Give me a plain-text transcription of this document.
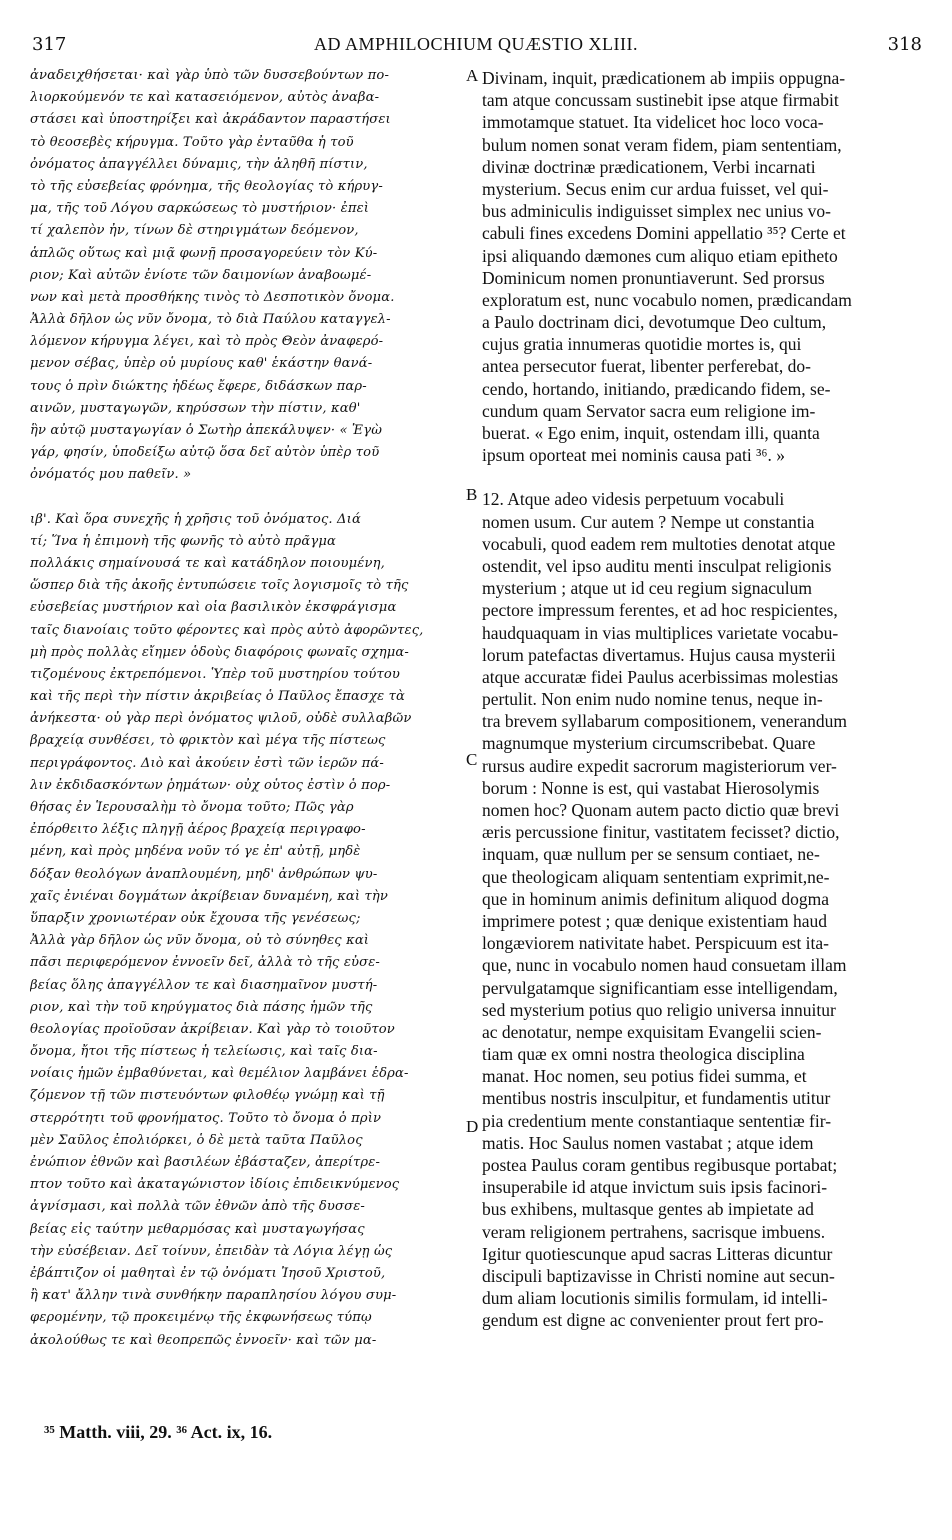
317	AD AMPHILOCHIUM QUÆSTIO XLIII.	318
ἀναδειχθήσεται· καὶ γὰρ ὑπὸ τῶν δυσσεβούντων πο-
λιορκούμενόν τε καὶ κατασειόμενον, αὐτὸς ἀναβα-
στάσει καὶ ὑποστηρίξει καὶ ἀκράδαντον παραστήσει
τὸ θεοσεβὲς κήρυγμα. Τοῦτο γὰρ ἐνταῦθα ἡ τοῦ
ὀνόματος ἀπαγγέλλει δύναμις, τὴν ἀληθῆ πίστιν,
τὸ τῆς εὐσεβείας φρόνημα, τῆς θεολογίας τὸ κήρυγ-
μα, τῆς τοῦ Λόγου σαρκώσεως τὸ μυστήριον· ἐπεὶ
τί χαλεπὸν ἦν, τίνων δὲ στηριγμάτων δεόμενον,
ἁπλῶς οὕτως καὶ μιᾷ φωνῇ προσαγορεύειν τὸν Κύ-
ριον; Καὶ αὐτῶν ἐνίοτε τῶν δαιμονίων ἀναβοωμέ-
νων καὶ μετὰ προσθήκης τινὸς τὸ Δεσποτικὸν ὄνομα.
Ἀλλὰ δῆλον ὡς νῦν ὄνομα, τὸ διὰ Παύλου καταγγελ-
λόμενον κήρυγμα λέγει, καὶ τὸ πρὸς Θεὸν ἀναφερό-
μενον σέβας, ὑπὲρ οὗ μυρίους καθ' ἑκάστην θανά-
τους ὁ πρὶν διώκτης ἡδέως ἔφερε, διδάσκων παρ-
αινῶν, μυσταγωγῶν, κηρύσσων τὴν πίστιν, καθ'
ἣν αὐτῷ μυσταγωγίαν ὁ Σωτὴρ ἀπεκάλυψεν· « Ἐγὼ
γάρ, φησίν, ὑποδείξω αὐτῷ ὅσα δεῖ αὐτὸν ὑπὲρ τοῦ
ὀνόματός μου παθεῖν. »
ιβ'. Καὶ ὅρα συνεχῆς ἡ χρῆσις τοῦ ὀνόματος. Διά
τί; Ἵνα ἡ ἐπιμονὴ τῆς φωνῆς τὸ αὐτὸ πρᾶγμα
πολλάκις σημαίνουσά τε καὶ κατάδηλον ποιουμένη,
ὥσπερ διὰ τῆς ἀκοῆς ἐντυπώσειε τοῖς λογισμοῖς τὸ τῆς
εὐσεβείας μυστήριον καὶ οἷα βασιλικὸν ἐκσφράγισμα
ταῖς διανοίαις τοῦτο φέροντες καὶ πρὸς αὐτὸ ἀφορῶντες,
μὴ πρὸς πολλὰς εἴημεν ὁδοὺς διαφόροις φωναῖς σχημα-
τιζομένους ἐκτρεπόμενοι. Ὑπὲρ τοῦ μυστηρίου τούτου
καὶ τῆς περὶ τὴν πίστιν ἀκριβείας ὁ Παῦλος ἔπασχε τὰ
ἀνήκεστα· οὐ γὰρ περὶ ὀνόματος ψιλοῦ, οὐδὲ συλλαβῶν
βραχείᾳ συνθέσει, τὸ φρικτὸν καὶ μέγα τῆς πίστεως
περιγράφοντος. Διὸ καὶ ἀκούειν ἐστὶ τῶν ἱερῶν πά-
λιν ἐκδιδασκόντων ῥημάτων· οὐχ οὗτος ἐστὶν ὁ πορ-
θήσας ἐν Ἱερουσαλὴμ τὸ ὄνομα τοῦτο; Πῶς γὰρ
ἐπόρθειτο λέξις πληγῇ ἀέρος βραχείᾳ περιγραφο-
μένη, καὶ πρὸς μηδένα νοῦν τό γε ἐπ' αὐτῇ, μηδὲ
δόξαν θεολόγων ἀναπλουμένη, μηδ' ἀνθρώπων ψυ-
χαῖς ἐνιέναι δογμάτων ἀκρίβειαν δυναμένη, καὶ τὴν
ὕπαρξιν χρονιωτέραν οὐκ ἔχουσα τῆς γενέσεως;
Ἀλλὰ γὰρ δῆλον ὡς νῦν ὄνομα, οὐ τὸ σύνηθες καὶ
πᾶσι περιφερόμενον ἐννοεῖν δεῖ, ἀλλὰ τὸ τῆς εὐσε-
βείας ὅλης ἀπαγγέλλον τε καὶ διασημαῖνον μυστή-
ριον, καὶ τὴν τοῦ κηρύγματος διὰ πάσης ἡμῶν τῆς
θεολογίας προϊοῦσαν ἀκρίβειαν. Καὶ γὰρ τὸ τοιοῦτον
ὄνομα, ἤτοι τῆς πίστεως ἡ τελείωσις, καὶ ταῖς δια-
νοίαις ἡμῶν ἐμβαθύνεται, καὶ θεμέλιον λαμβάνει ἑδρα-
ζόμενον τῇ τῶν πιστευόντων φιλοθέῳ γνώμῃ καὶ τῇ
στερρότητι τοῦ φρονήματος. Τοῦτο τὸ ὄνομα ὁ πρὶν
μὲν Σαῦλος ἐπολιόρκει, ὁ δὲ μετὰ ταῦτα Παῦλος
ἐνώπιον ἐθνῶν καὶ βασιλέων ἐβάσταζεν, ἀπερίτρε-
πτον τοῦτο καὶ ἀκαταγώνιστον ἰδίοις ἐπιδεικνύμενος
ἀγνίσμασι, καὶ πολλὰ τῶν ἐθνῶν ἀπὸ τῆς δυσσε-
βείας εἰς ταύτην μεθαρμόσας καὶ μυσταγωγήσας
τὴν εὐσέβειαν. Δεῖ τοίνυν, ἐπειδὰν τὰ Λόγια λέγῃ ὡς
ἐβάπτιζον οἱ μαθηταὶ ἐν τῷ ὀνόματι Ἰησοῦ Χριστοῦ,
ἢ κατ' ἄλλην τινὰ συνθήκην παραπλησίου λόγου συμ-
φερομένην, τῷ προκειμένῳ τῆς ἐκφωνήσεως τύπῳ
ἀκολούθως τε καὶ θεοπρεπῶς ἐννοεῖν· καὶ τῶν μα-
Divinam, inquit, prædicationem ab impiis oppugna-
tam atque concussam sustinebit ipse atque firmabit
immotamque statuet. Ita videlicet hoc loco voca-
bulum nomen sonat veram fidem, piam sententiam,
divinæ doctrinæ prædicationem, Verbi incarnati
mysterium. Secus enim cur ardua fuisset, vel qui-
bus adminiculis indiguisset simplex nec unius vo-
cabuli fines excedens Domini appellatio ³⁵? Certe et
ipsi aliquando dæmones cum aliquo etiam epitheto
Dominicum nomen pronuntiaverunt. Sed prorsus
exploratum est, nunc vocabulo nomen, prædicandam
a Paulo doctrinam dici, devotumque Deo cultum,
cujus gratia innumeras quotidie mortes is, qui
antea persecutor fuerat, libenter perferebat, do-
cendo, hortando, initiando, prædicando fidem, se-
cundum quam Servator sacra eum religione im-
buerat. « Ego enim, inquit, ostendam illi, quanta
ipsum oporteat mei nominis causa pati ³⁶. »
12. Atque adeo videsis perpetuum vocabuli
nomen usum. Cur autem ? Nempe ut constantia
vocabuli, quod eadem rem multoties denotat atque
ostendit, vel ipso auditu menti insculpat religionis
mysterium ; atque ut id ceu regium signaculum
pectore impressum ferentes, et ad hoc respicientes,
haudquaquam in vias multiplices varietate vocabu-
lorum patefactas divertamus. Hujus causa mysterii
atque accuratæ fidei Paulus acerbissimas molestias
pertulit. Non enim nudo nomine tenus, neque in-
tra brevem syllabarum compositionem, venerandum
magnumque mysterium circumscribebat. Quare
rursus audire expedit sacrorum magisteriorum ver-
borum : Nonne is est, qui vastabat Hierosolymis
nomen hoc? Quonam autem pacto dictio quæ brevi
æris percussione finitur, vastitatem fecisset? dictio,
inquam, quæ nullum per se sensum contiaet, ne-
que theologicam aliquam sententiam exprimit,ne-
que in hominum animis definitum aliquod dogma
imprimere potest ; quæ denique existentiam haud
longæviorem nativitate habet. Perspicuum est ita-
que, nunc in vocabulo nomen haud consuetam illam
pervulgatamque significantiam esse intelligendam,
sed mysterium potius quo religio universa innuitur
ac denotatur, nempe exquisitam Evangelii scien-
tiam quæ ex omni nostra theologica disciplina
manat. Hoc nomen, seu potius fidei summa, et
mentibus nostris insculpitur, et fundamentis utitur
pia credentium mente constantiaque sententiæ fir-
matis. Hoc Saulus nomen vastabat ; atque idem
postea Paulus coram gentibus regibusque portabat;
insuperabile id atque invictum suis ipsis facinori-
bus exhibens, multasque gentes ab impietate ad
veram religionem pertrahens, sacrisque imbuens.
Igitur quotiescunque apud sacras Litteras dicuntur
discipuli baptizavisse in Christi nomine aut secun-
dum aliam locutionis similis formulam, id intelli-
gendum est digne ac convenienter prout fert pro-
A
B
C
D
³⁵ Matth. viii, 29. ³⁶ Act. ix, 16.
